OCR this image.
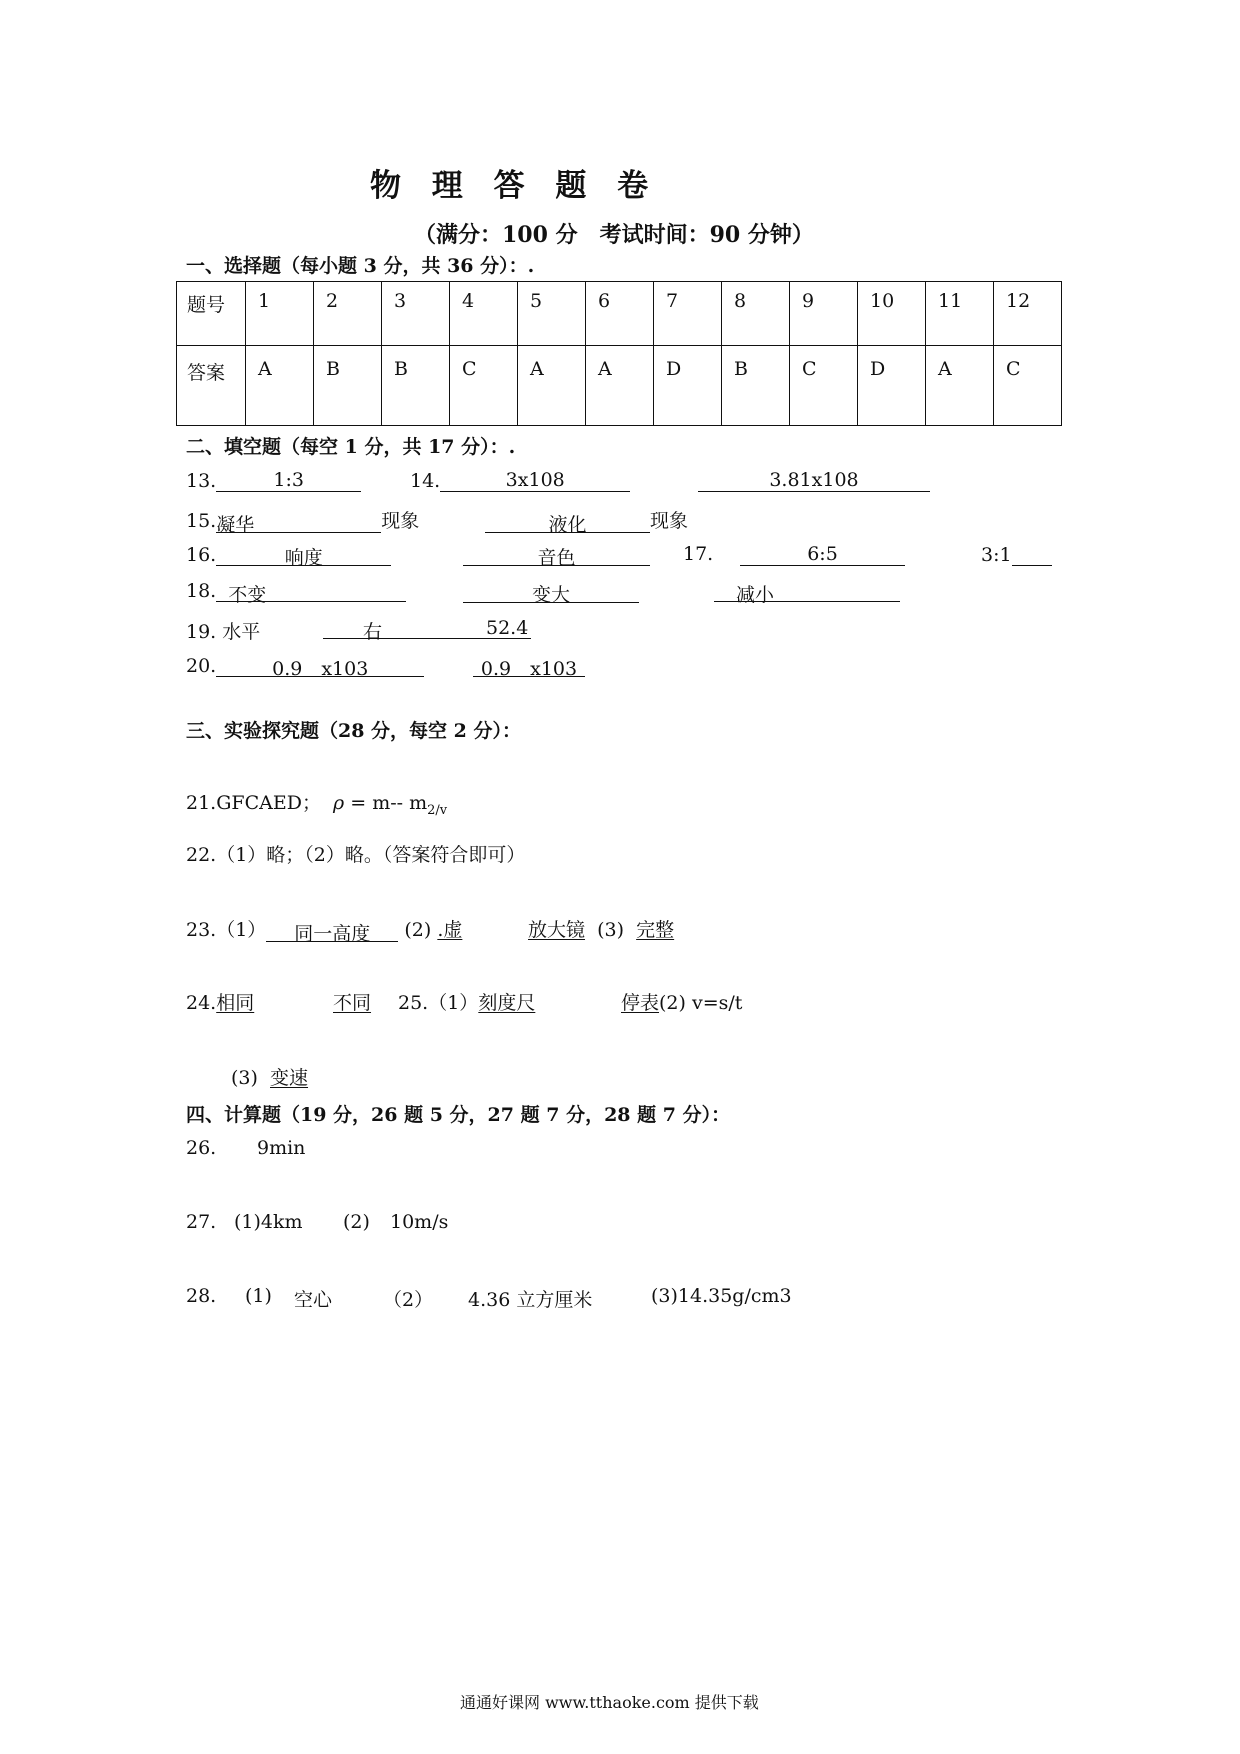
物 理 答 题 卷
（满分：100 分　考试时间：90 分钟）
一、选择题（每小题 3 分，共 36 分）：.
题号	1	2	3	4	5	6	7	8	9	10	11	12
答案	A	B	B	C	A	A	D	B	C	D	A	C
二、填空题（每空 1 分，共 17 分）：.
13.	1:3	14.	3x108	3.81x108
15.凝华	现象	液化	现象
16.	响度	音色	17.	6:5	3:1
18. 不变	变大	减小
19. 水平	右	52.4
20.	0.9　x103	0.9　x103
三、实验探究题（28 分，每空 2 分）：
21.GFCAED； ρ = m-- $m_{2/v}$
22.（1）略；（2）略。（答案符合即可）
23.（1） 同一高度 (2) .虚	放大镜 (3) 完整
24.相同	不同 25.（1）刻度尺	停表(2) v=s/t
(3) 变速
四、计算题（19 分，26 题 5 分，27 题 7 分，28 题 7 分）：
26. 9min
27. (1)4km (2) 10m/s
28. (1) 空心	（2） 4.36 立方厘米	(3)14.35g/cm3
通通好课网 www.tthaoke.com 提供下载
